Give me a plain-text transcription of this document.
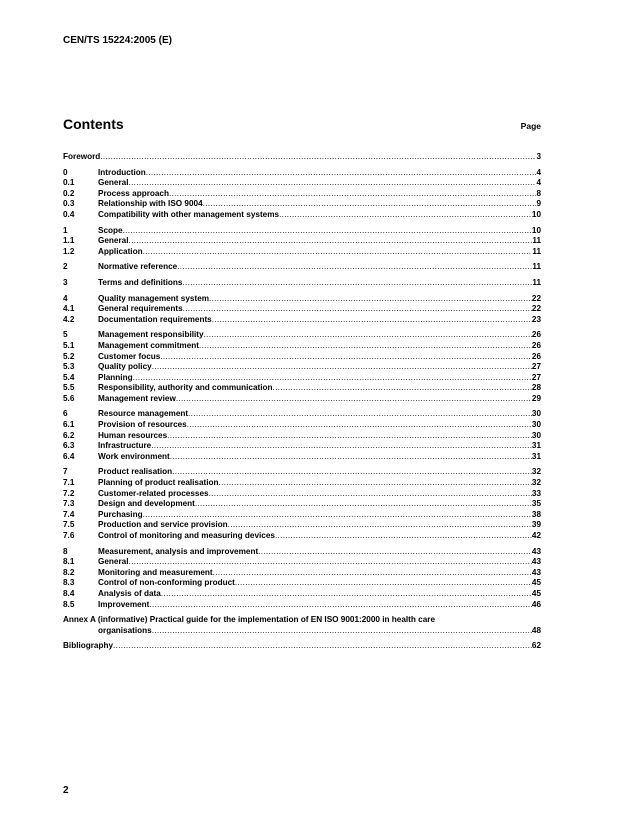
CEN/TS 15224:2005 (E)
Contents	Page
Foreword .....	3
0	Introduction .....	4
0.1	General .....	4
0.2	Process approach .....	8
0.3	Relationship with ISO 9004 .....	9
0.4	Compatibility with other management systems .....	10
1	Scope .....	10
1.1	General .....	11
1.2	Application .....	11
2	Normative reference .....	11
3	Terms and definitions .....	11
4	Quality management system .....	22
4.1	General requirements .....	22
4.2	Documentation requirements .....	23
5	Management responsibility .....	26
5.1	Management commitment .....	26
5.2	Customer focus .....	26
5.3	Quality policy .....	27
5.4	Planning .....	27
5.5	Responsibility, authority and communication .....	28
5.6	Management review .....	29
6	Resource management .....	30
6.1	Provision of resources .....	30
6.2	Human resources .....	30
6.3	Infrastructure .....	31
6.4	Work environment .....	31
7	Product realisation .....	32
7.1	Planning of product realisation .....	32
7.2	Customer-related processes .....	33
7.3	Design and development .....	35
7.4	Purchasing .....	38
7.5	Production and service provision .....	39
7.6	Control of monitoring and measuring devices .....	42
8	Measurement, analysis and improvement .....	43
8.1	General .....	43
8.2	Monitoring and measurement .....	43
8.3	Control of non-conforming product .....	45
8.4	Analysis of data .....	45
8.5	Improvement .....	46
Annex A (informative) Practical guide for the implementation of EN ISO 9001:2000 in health care
organisations .....	48
Bibliography .....	62
2
